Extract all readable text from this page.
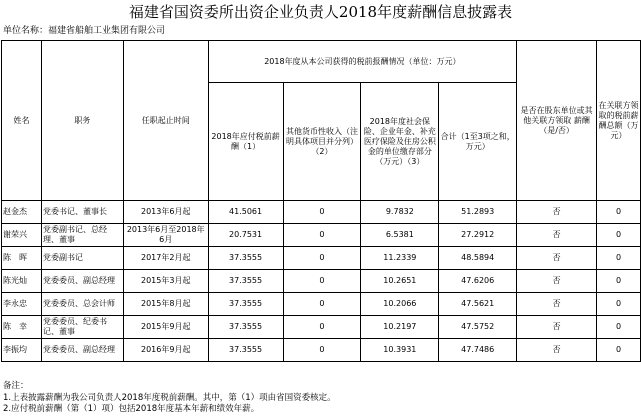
福建省国资委所出资企业负责人2018年度薪酬信息披露表
单位名称：福建省船舶工业集团有限公司
姓名	职务	任职起止时间	2018年度从本公司获得的税前报酬情况（单位：万元）				是否在股东单位或其他关联方领取 薪酬（是/否）	在关联方领取的税前薪酬总额（万元）
			2018年应付税前薪酬（1）	其他货币性收入（注明具体项目并分列）（2）	2018年度社会保险、企业年金、补充医疗保险及住房公积金的单位缴存部分（万元）（3）	合计（1至3项之和，万元）		
赵金杰	党委书记、董事长	2013年6月起	41.5061	0	9.7832	51.2893	否	0
谢荣兴	党委副书记、总经理、董事	2013年6月至2018年6月	20.7531	0	6.5381	27.2912	否	0
陈　晖	党委副书记	2017年2月起	37.3555	0	11.2339	48.5894	否	0
陈光灿	党委委员、副总经理	2015年3月起	37.3555	0	10.2651	47.6206	否	0
李永忠	党委委员、总会计师	2015年8月起	37.3555	0	10.2066	47.5621	否	0
陈　幸	党委委员、纪委书记、董事	2015年9月起	37.3555	0	10.2197	47.5752	否	0
李振均	党委委员、副总经理	2016年9月起	37.3555	0	10.3931	47.7486	否	0
备注：
1.上表披露薪酬为我公司负责人2018年度税前薪酬。其中，第（1）项由省国资委核定。
2.应付税前薪酬（第（1）项）包括2018年度基本年薪和绩效年薪。
